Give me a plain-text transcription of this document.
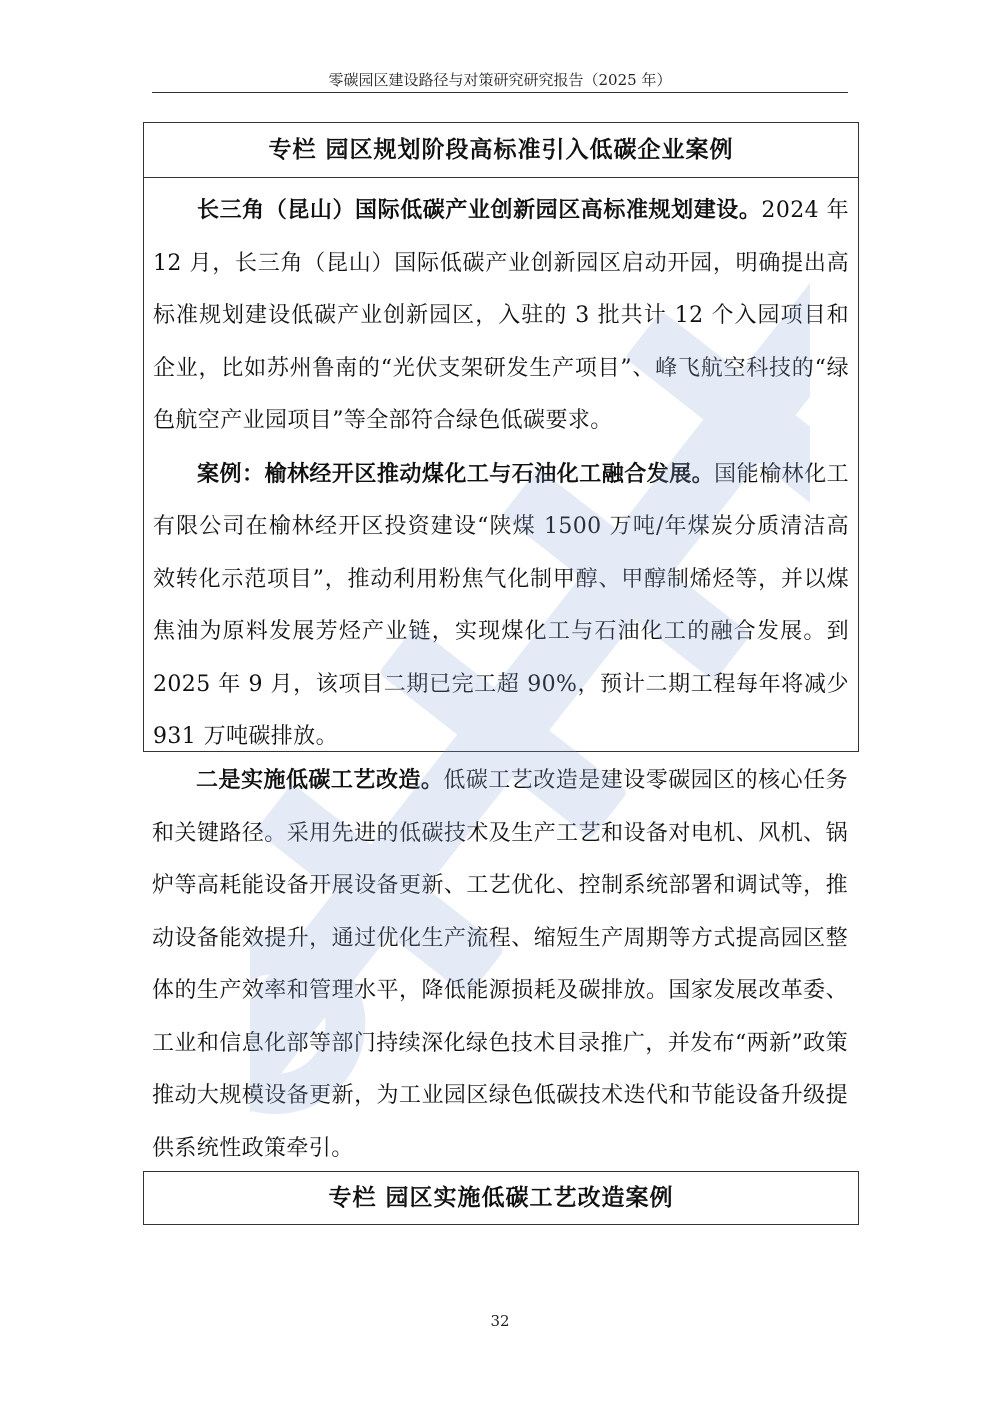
零碳园区建设路径与对策研究研究报告（2025 年）
专栏 园区规划阶段高标准引入低碳企业案例

长三角（昆山）国际低碳产业创新园区高标准规划建设。2024 年 12 月，长三角（昆山）国际低碳产业创新园区启动开园，明确提出高标准规划建设低碳产业创新园区，入驻的 3 批共计 12 个入园项目和企业，比如苏州鲁南的“光伏支架研发生产项目”、峰飞航空科技的“绿色航空产业园项目”等全部符合绿色低碳要求。

案例：榆林经开区推动煤化工与石油化工融合发展。国能榆林化工有限公司在榆林经开区投资建设“陕煤 1500 万吨/年煤炭分质清洁高效转化示范项目”，推动利用粉焦气化制甲醇、甲醇制烯烃等，并以煤焦油为原料发展芳烃产业链，实现煤化工与石油化工的融合发展。到 2025 年 9 月，该项目二期已完工超 90%，预计二期工程每年将减少 931 万吨碳排放。

二是实施低碳工艺改造。低碳工艺改造是建设零碳园区的核心任务和关键路径。采用先进的低碳技术及生产工艺和设备对电机、风机、锅炉等高耗能设备开展设备更新、工艺优化、控制系统部署和调试等，推动设备能效提升，通过优化生产流程、缩短生产周期等方式提高园区整体的生产效率和管理水平，降低能源损耗及碳排放。国家发展改革委、工业和信息化部等部门持续深化绿色技术目录推广，并发布“两新”政策推动大规模设备更新，为工业园区绿色低碳技术迭代和节能设备升级提供系统性政策牵引。

专栏 园区实施低碳工艺改造案例
32
